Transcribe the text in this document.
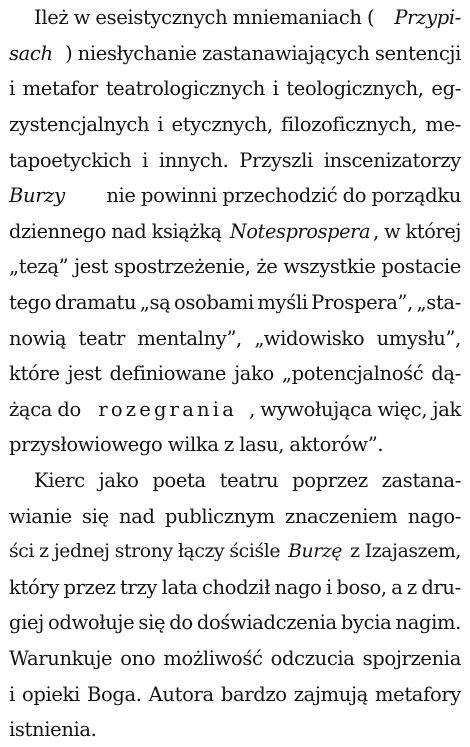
Ileż w eseistycznych mniemaniach ( Przypi-
sach ) niesłychanie zastanawiających sentencji
i metafor teatrologicznych i teologicznych, eg-
zystencjalnych i etycznych, filozoficznych, me-
tapoetyckich i innych. Przyszli inscenizatorzy
Burzy nie powinni przechodzić do porządku
dziennego nad książką Notesprospera , w której
„tezą” jest spostrzeżenie, że wszystkie postacie
tego dramatu „są osobami myśli Prospera”, „sta-
nowią teatr mentalny”, „widowisko umysłu”,
które jest definiowane jako „potencjalność dą-
żąca do rozegrania , wywołująca więc, jak
przysłowiowego wilka z lasu, aktorów”.
Kierc jako poeta teatru poprzez zastana-
wianie się nad publicznym znaczeniem nago-
ści z jednej strony łączy ściśle Burzę z Izajaszem,
który przez trzy lata chodził nago i boso, a z dru-
giej odwołuje się do doświadczenia bycia nagim.
Warunkuje ono możliwość odczucia spojrzenia
i opieki Boga. Autora bardzo zajmują metafory
istnienia.
